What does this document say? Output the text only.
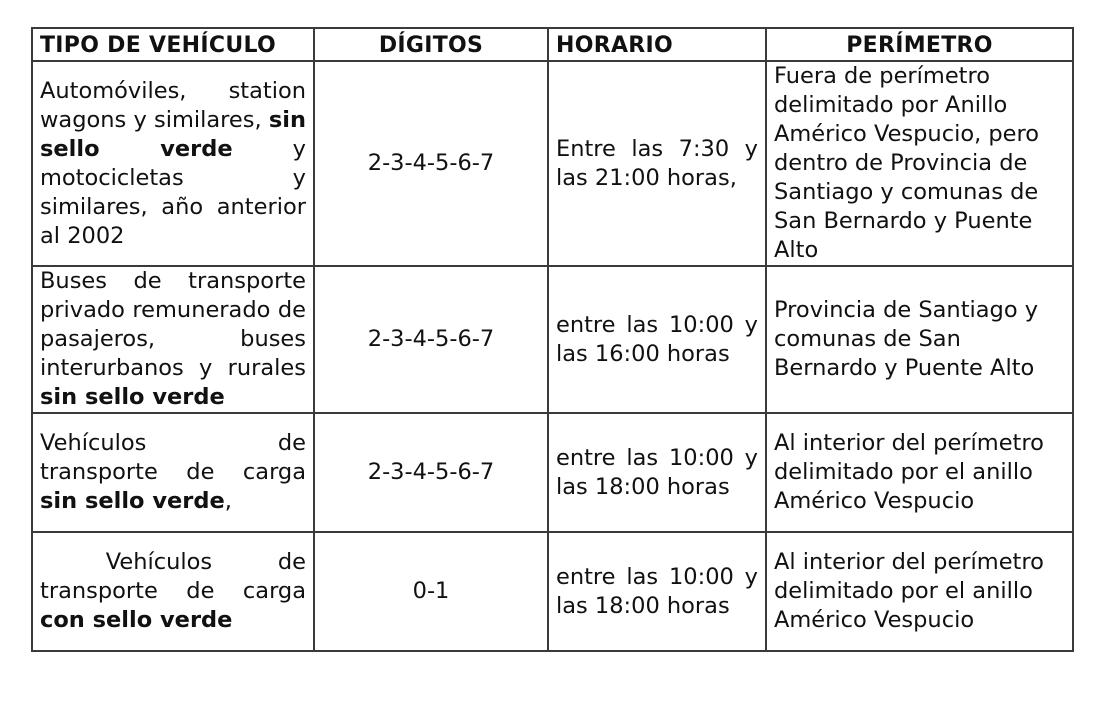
TIPO DE VEHÍCULO	DÍGITOS	HORARIO	PERÍMETRO
Automóviles, station wagons y similares, sin sello verde y motocicletas y similares, año anterior al 2002	2-3-4-5-6-7	Entre las 7:30 y las 21:00 horas,	Fuera de perímetro delimitado por Anillo Américo Vespucio, pero dentro de Provincia de Santiago y comunas de San Bernardo y Puente Alto
Buses de transporte privado remunerado de pasajeros, buses interurbanos y rurales sin sello verde	2-3-4-5-6-7	entre las 10:00 y las 16:00 horas	Provincia de Santiago y comunas de San Bernardo y Puente Alto
Vehículos de transporte de carga sin sello verde,	2-3-4-5-6-7	entre las 10:00 y las 18:00 horas	Al interior del perímetro delimitado por el anillo Américo Vespucio
Vehículos de transporte de carga con sello verde	0-1	entre las 10:00 y las 18:00 horas	Al interior del perímetro delimitado por el anillo Américo Vespucio
